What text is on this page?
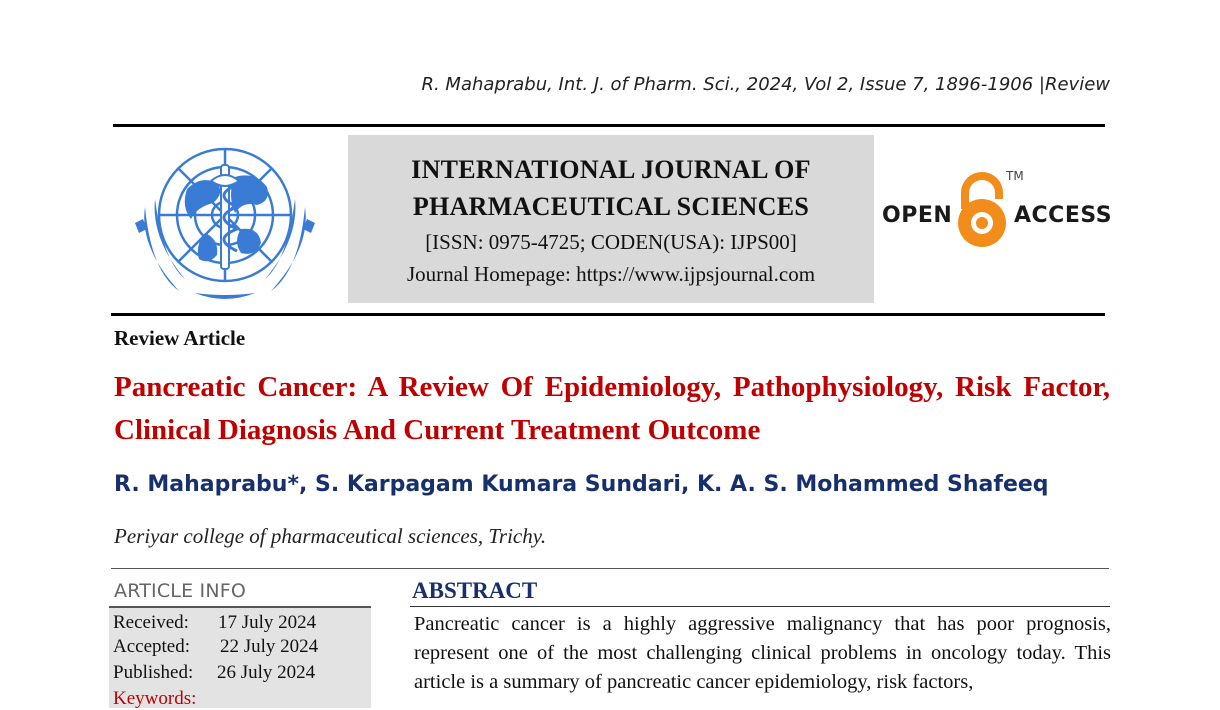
R. Mahaprabu, Int. J. of Pharm. Sci., 2024, Vol 2, Issue 7, 1896-1906 |Review
INTERNATIONAL JOURNAL OF
PHARMACEUTICAL SCIENCES
[ISSN: 0975-4725; CODEN(USA): IJPS00]
Journal Homepage: https://www.ijpsjournal.com
OPEN
TM
ACCESS
Review Article
Pancreatic Cancer: A Review Of Epidemiology, Pathophysiology, Risk Factor, Clinical Diagnosis And Current Treatment Outcome
R. Mahaprabu*, S. Karpagam Kumara Sundari, K. A. S. Mohammed Shafeeq
Periyar college of pharmaceutical sciences, Trichy.
ARTICLE INFO
Received: 17 July 2024
Accepted: 22 July 2024
Published: 26 July 2024
Keywords:
ABSTRACT

Pancreatic cancer is a highly aggressive malignancy that has poor prognosis, represent one of the most challenging clinical problems in oncology today. This article is a summary of pancreatic cancer epidemiology, risk factors,
